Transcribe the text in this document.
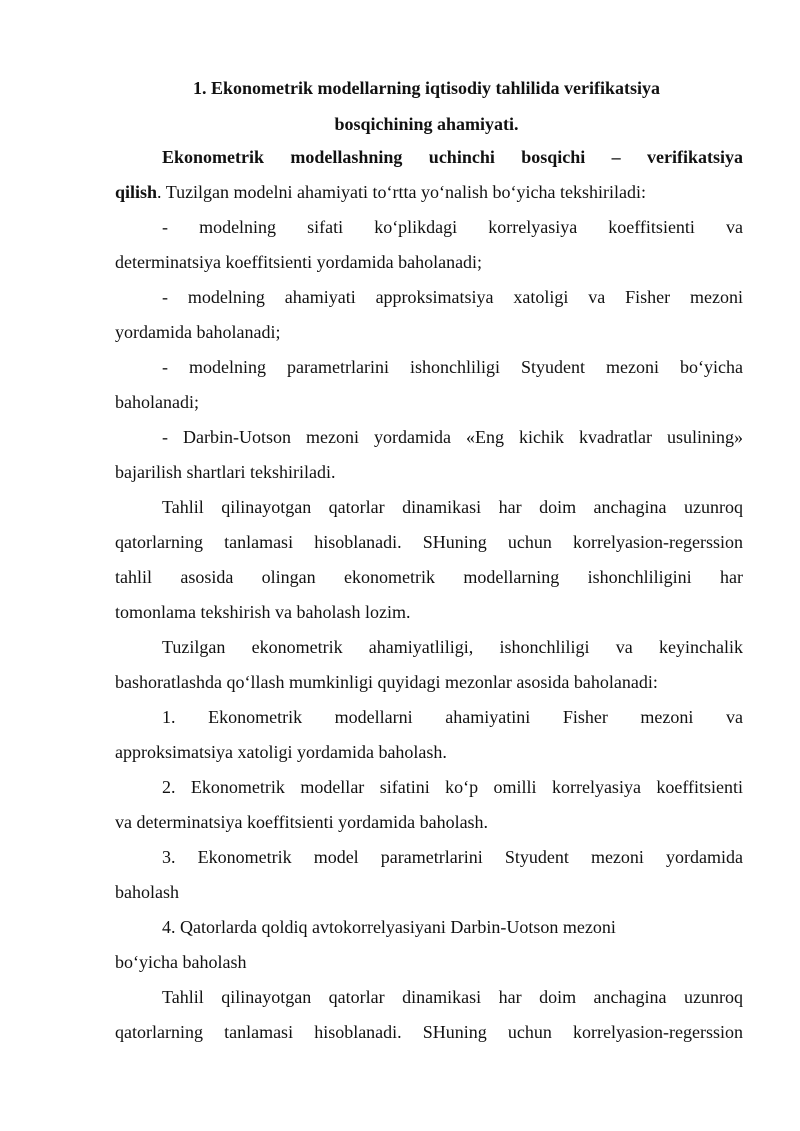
1. Ekonometrik modellarning iqtisodiy tahlilida verifikatsiya
bosqichining ahamiyati.
Ekonometrik modellashning uchinchi bosqichi – verifikatsiya
qilish. Tuzilgan modelni ahamiyati to‘rtta yo‘nalish bo‘yicha tekshiriladi:
- modelning sifati ko‘plikdagi korrelyasiya koeffitsienti va
determinatsiya koeffitsienti yordamida baholanadi;
- modelning ahamiyati approksimatsiya xatoligi va Fisher mezoni
yordamida baholanadi;
- modelning parametrlarini ishonchliligi Styudent mezoni bo‘yicha
baholanadi;
- Darbin-Uotson mezoni yordamida «Eng kichik kvadratlar usulining»
bajarilish shartlari tekshiriladi.
Tahlil qilinayotgan qatorlar dinamikasi har doim anchagina uzunroq
qatorlarning tanlamasi hisoblanadi. SHuning uchun korrelyasion-regerssion
tahlil asosida olingan ekonometrik modellarning ishonchliligini har
tomonlama tekshirish va baholash lozim.
Tuzilgan ekonometrik ahamiyatliligi, ishonchliligi va keyinchalik
bashoratlashda qo‘llash mumkinligi quyidagi mezonlar asosida baholanadi:
1. Ekonometrik modellarni ahamiyatini Fisher mezoni va
approksimatsiya xatoligi yordamida baholash.
2. Ekonometrik modellar sifatini ko‘p omilli korrelyasiya koeffitsienti
va determinatsiya koeffitsienti yordamida baholash.
3. Ekonometrik model parametrlarini Styudent mezoni yordamida
baholash
4. Qatorlarda qoldiq avtokorrelyasiyani Darbin-Uotson mezoni
bo‘yicha baholash
Tahlil qilinayotgan qatorlar dinamikasi har doim anchagina uzunroq
qatorlarning tanlamasi hisoblanadi. SHuning uchun korrelyasion-regerssion
